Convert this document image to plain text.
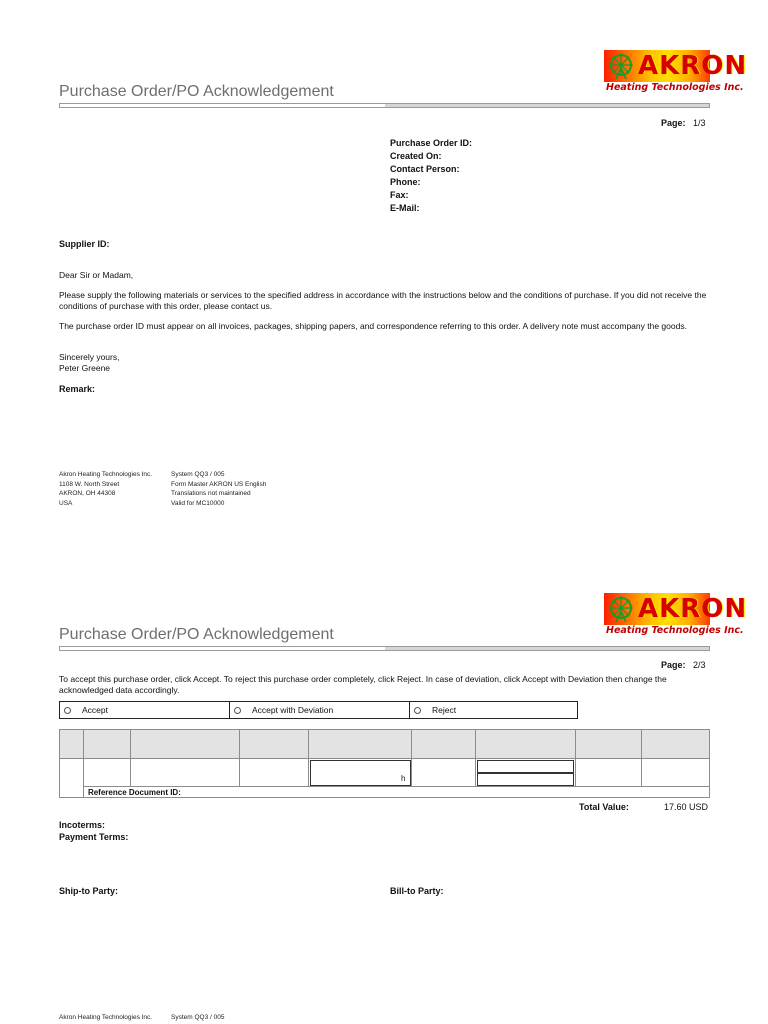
Purchase Order/PO Acknowledgement
AKRON
Heating Technologies Inc.
Page: 1/3
Purchase Order ID:
Created On:
Contact Person:
Phone:
Fax:
E-Mail:
Supplier ID:
Dear Sir or Madam,
Please supply the following materials or services to the specified address in accordance with the instructions below and the conditions of purchase. If you did not receive the conditions of purchase with this order, please contact us.
The purchase order ID must appear on all invoices, packages, shipping papers, and correspondence referring to this order. A delivery note must accompany the goods.
Sincerely yours,
Peter Greene
Remark:
Akron Heating Technologies Inc.
1108 W. North Street
AKRON, OH 44308
USA
System QQ3 / 005
Form Master AKRON US English
Translations not maintained
Valid for MC10000
Purchase Order/PO Acknowledgement
AKRON
Heating Technologies Inc.
Page: 2/3
To accept this purchase order, click Accept. To reject this purchase order completely, click Reject. In case of deviation, click Accept with Deviation then change the acknowledged data accordingly.
Accept	Accept with Deviation	Reject

				h				

	Reference Document ID:							
Total Value:	17.60 USD
Incoterms:
Payment Terms:
Ship-to Party:	Bill-to Party:
Akron Heating Technologies Inc.	System QQ3 / 005
